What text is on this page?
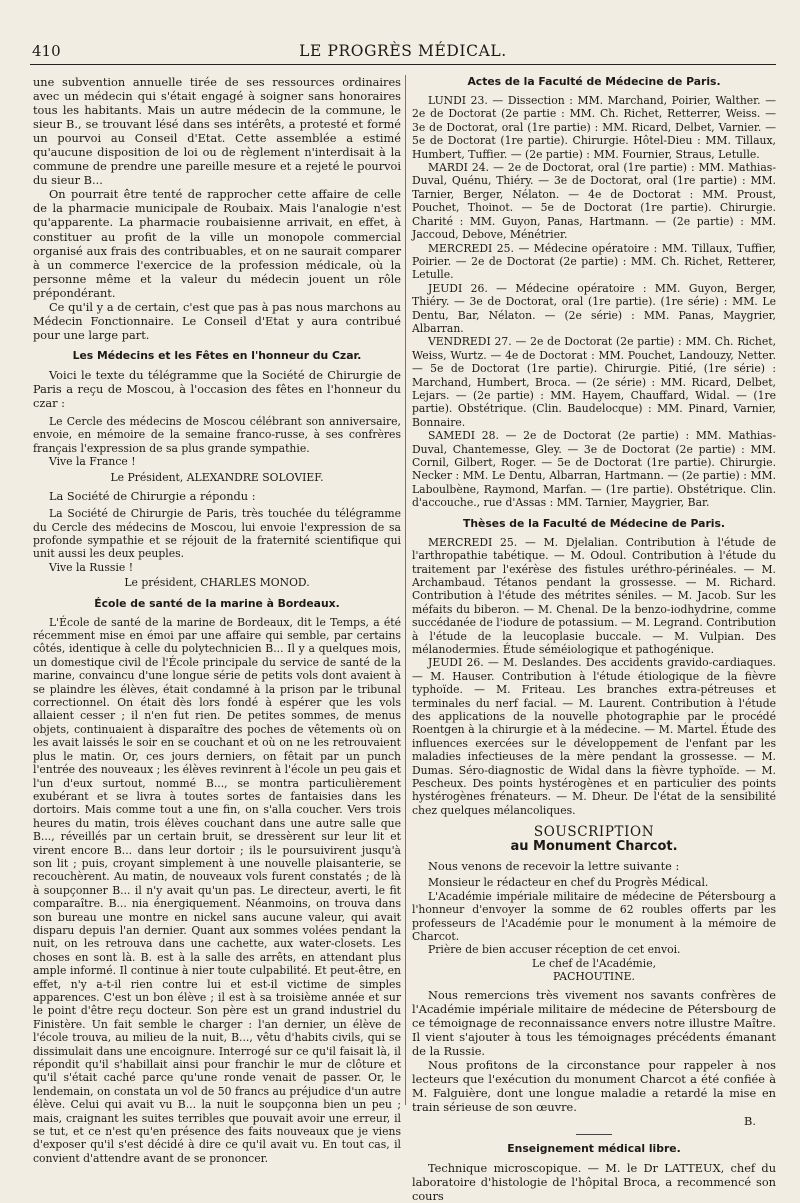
410	LE PROGRÈS MÉDICAL.

une subvention annuelle tirée de ses ressources ordinaires avec un médecin qui s'était engagé à soigner sans honoraires tous les habitants. Mais un autre médecin de la commune, le sieur B., se trouvant lésé dans ses intérêts, a protesté et formé un pourvoi au Conseil d'Etat. Cette assemblée a estimé qu'aucune disposition de loi ou de règlement n'interdisait à la commune de prendre une pareille mesure et a rejeté le pourvoi du sieur B...

On pourrait être tenté de rapprocher cette affaire de celle de la pharmacie municipale de Roubaix. Mais l'analogie n'est qu'apparente. La pharmacie roubaisienne arrivait, en effet, à constituer au profit de la ville un monopole commercial organisé aux frais des contribuables, et on ne saurait comparer à un commerce l'exercice de la profession médicale, où la personne même et la valeur du médecin jouent un rôle prépondérant.

Ce qu'il y a de certain, c'est que pas à pas nous marchons au Médecin Fonctionnaire. Le Conseil d'Etat y aura contribué pour une large part.

Les Médecins et les Fêtes en l'honneur du Czar.

Voici le texte du télégramme que la Société de Chirurgie de Paris a reçu de Moscou, à l'occasion des fêtes en l'honneur du czar :

Le Cercle des médecins de Moscou célébrant son anniversaire, envoie, en mémoire de la semaine franco-russe, à ses confrères français l'expression de sa plus grande sympathie.

Vive la France !

Le Président, ALEXANDRE SOLOVIEF.

La Société de Chirurgie a répondu :

La Société de Chirurgie de Paris, très touchée du télégramme du Cercle des médecins de Moscou, lui envoie l'expression de sa profonde sympathie et se réjouit de la fraternité scientifique qui unit aussi les deux peuples.

Vive la Russie !

Le président, CHARLES MONOD.
École de santé de la marine à Bordeaux.

L'École de santé de la marine de Bordeaux, dit le Temps, a été récemment mise en émoi par une affaire qui semble, par certains côtés, identique à celle du polytechnicien B... Il y a quelques mois, un domestique civil de l'École principale du service de santé de la marine, convaincu d'une longue série de petits vols dont avaient à se plaindre les élèves, était condamné à la prison par le tribunal correctionnel. On était dès lors fondé à espérer que les vols allaient cesser ; il n'en fut rien. De petites sommes, de menus objets, continuaient à disparaître des poches de vêtements où on les avait laissés le soir en se couchant et où on ne les retrouvaient plus le matin. Or, ces jours derniers, on fêtait par un punch l'entrée des nouveaux ; les élèves revinrent à l'école un peu gais et l'un d'eux surtout, nommé B..., se montra particulièrement exubérant et se livra à toutes sortes de fantaisies dans les dortoirs. Mais comme tout a une fin, on s'alla coucher. Vers trois heures du matin, trois élèves couchant dans une autre salle que B..., réveillés par un certain bruit, se dressèrent sur leur lit et virent encore B... dans leur dortoir ; ils le poursuivirent jusqu'à son lit ; puis, croyant simplement à une nouvelle plaisanterie, se recouchèrent. Au matin, de nouveaux vols furent constatés ; de là à soupçonner B... il n'y avait qu'un pas. Le directeur, averti, le fit comparaître. B... nia énergiquement. Néanmoins, on trouva dans son bureau une montre en nickel sans aucune valeur, qui avait disparu depuis l'an dernier. Quant aux sommes volées pendant la nuit, on les retrouva dans une cachette, aux water-closets. Les choses en sont là. B. est à la salle des arrêts, en attendant plus ample informé. Il continue à nier toute culpabilité. Et peut-être, en effet, n'y a-t-il rien contre lui et est-il victime de simples apparences. C'est un bon élève ; il est à sa troisième année et sur le point d'être reçu docteur. Son père est un grand industriel du Finistère. Un fait semble le charger : l'an dernier, un élève de l'école trouva, au milieu de la nuit, B..., vêtu d'habits civils, qui se dissimulait dans une encoignure. Interrogé sur ce qu'il faisait là, il répondit qu'il s'habillait ainsi pour franchir le mur de clôture et qu'il s'était caché parce qu'une ronde venait de passer. Or, le lendemain, on constata un vol de 50 francs au préjudice d'un autre élève. Celui qui avait vu B... la nuit le soupçonna bien un peu ; mais, craignant les suites terribles que pouvait avoir une erreur, il se tut, et ce n'est qu'en présence des faits nouveaux que je viens d'exposer qu'il s'est décidé à dire ce qu'il avait vu. En tout cas, il convient d'attendre avant de se prononcer.

Actes de la Faculté de Médecine de Paris.

LUNDI 23. — Dissection : MM. Marchand, Poirier, Walther. — 2e de Doctorat (2e partie : MM. Ch. Richet, Retterrer, Weiss. — 3e de Doctorat, oral (1re partie) : MM. Ricard, Delbet, Varnier. — 5e de Doctorat (1re partie). Chirurgie. Hôtel-Dieu : MM. Tillaux, Humbert, Tuffier. — (2e partie) : MM. Fournier, Straus, Letulle.

MARDI 24. — 2e de Doctorat, oral (1re partie) : MM. Mathias-Duval, Quénu, Thiéry. — 3e de Doctorat, oral (1re partie) : MM. Tarnier, Berger, Nélaton. — 4e de Doctorat : MM. Proust, Pouchet, Thoinot. — 5e de Doctorat (1re partie). Chirurgie. Charité : MM. Guyon, Panas, Hartmann. — (2e partie) : MM. Jaccoud, Debove, Ménétrier.

MERCREDI 25. — Médecine opératoire : MM. Tillaux, Tuffier, Poirier. — 2e de Doctorat (2e partie) : MM. Ch. Richet, Retterer, Letulle.

JEUDI 26. — Médecine opératoire : MM. Guyon, Berger, Thiéry. — 3e de Doctorat, oral (1re partie). (1re série) : MM. Le Dentu, Bar, Nélaton. — (2e série) : MM. Panas, Maygrier, Albarran.

VENDREDI 27. — 2e de Doctorat (2e partie) : MM. Ch. Richet, Weiss, Wurtz. — 4e de Doctorat : MM. Pouchet, Landouzy, Netter. — 5e de Doctorat (1re partie). Chirurgie. Pitié, (1re série) : Marchand, Humbert, Broca. — (2e série) : MM. Ricard, Delbet, Lejars. — (2e partie) : MM. Hayem, Chauffard, Widal. — (1re partie). Obstétrique. (Clin. Baudelocque) : MM. Pinard, Varnier, Bonnaire.

SAMEDI 28. — 2e de Doctorat (2e partie) : MM. Mathias-Duval, Chantemesse, Gley. — 3e de Doctorat (2e partie) : MM. Cornil, Gilbert, Roger. — 5e de Doctorat (1re partie). Chirurgie. Necker : MM. Le Dentu, Albarran, Hartmann. — (2e partie) : MM. Laboulbène, Raymond, Marfan. — (1re partie). Obstétrique. Clin. d'accouche., rue d'Assas : MM. Tarnier, Maygrier, Bar.

Thèses de la Faculté de Médecine de Paris.

MERCREDI 25. — M. Djelalian. Contribution à l'étude de l'arthropathie tabétique. — M. Odoul. Contribution à l'étude du traitement par l'exérèse des fistules uréthro-périnéales. — M. Archambaud. Tétanos pendant la grossesse. — M. Richard. Contribution à l'étude des métrites séniles. — M. Jacob. Sur les méfaits du biberon. — M. Chenal. De la benzo-iodhydrine, comme succédanée de l'iodure de potassium. — M. Legrand. Contribution à l'étude de la leucoplasie buccale. — M. Vulpian. Des mélanodermies. Étude séméiologique et pathogénique.

JEUDI 26. — M. Deslandes. Des accidents gravido-cardiaques. — M. Hauser. Contribution à l'étude étiologique de la fièvre typhoïde. — M. Friteau. Les branches extra-pétreuses et terminales du nerf facial. — M. Laurent. Contribution à l'étude des applications de la nouvelle photographie par le procédé Roentgen à la chirurgie et à la médecine. — M. Martel. Étude des influences exercées sur le développement de l'enfant par les maladies infectieuses de la mère pendant la grossesse. — M. Dumas. Séro-diagnostic de Widal dans la fièvre typhoïde. — M. Pescheux. Des points hystérogènes et en particulier des points hystérogènes frénateurs. — M. Dheur. De l'état de la sensibilité chez quelques mélancoliques.

SOUSCRIPTION
au Monument Charcot.

Nous venons de recevoir la lettre suivante :

Monsieur le rédacteur en chef du Progrès Médical.

L'Académie impériale militaire de médecine de Pétersbourg a l'honneur d'envoyer la somme de 62 roubles offerts par les professeurs de l'Académie pour le monument à la mémoire de Charcot.

Prière de bien accuser réception de cet envoi.

Le chef de l'Académie,
PACHOUTINE.

Nous remercions très vivement nos savants confrères de l'Académie impériale militaire de médecine de Pétersbourg de ce témoignage de reconnaissance envers notre illustre Maître. Il vient s'ajouter à tous les témoignages précédents émanant de la Russie.

Nous profitons de la circonstance pour rappeler à nos lecteurs que l'exécution du monument Charcot a été confiée à M. Falguière, dont une longue maladie a retardé la mise en train sérieuse de son œuvre.

B.
Enseignement médical libre.

Technique microscopique. — M. le Dr LATTEUX, chef du laboratoire d'histologie de l'hôpital Broca, a recommencé son cours
